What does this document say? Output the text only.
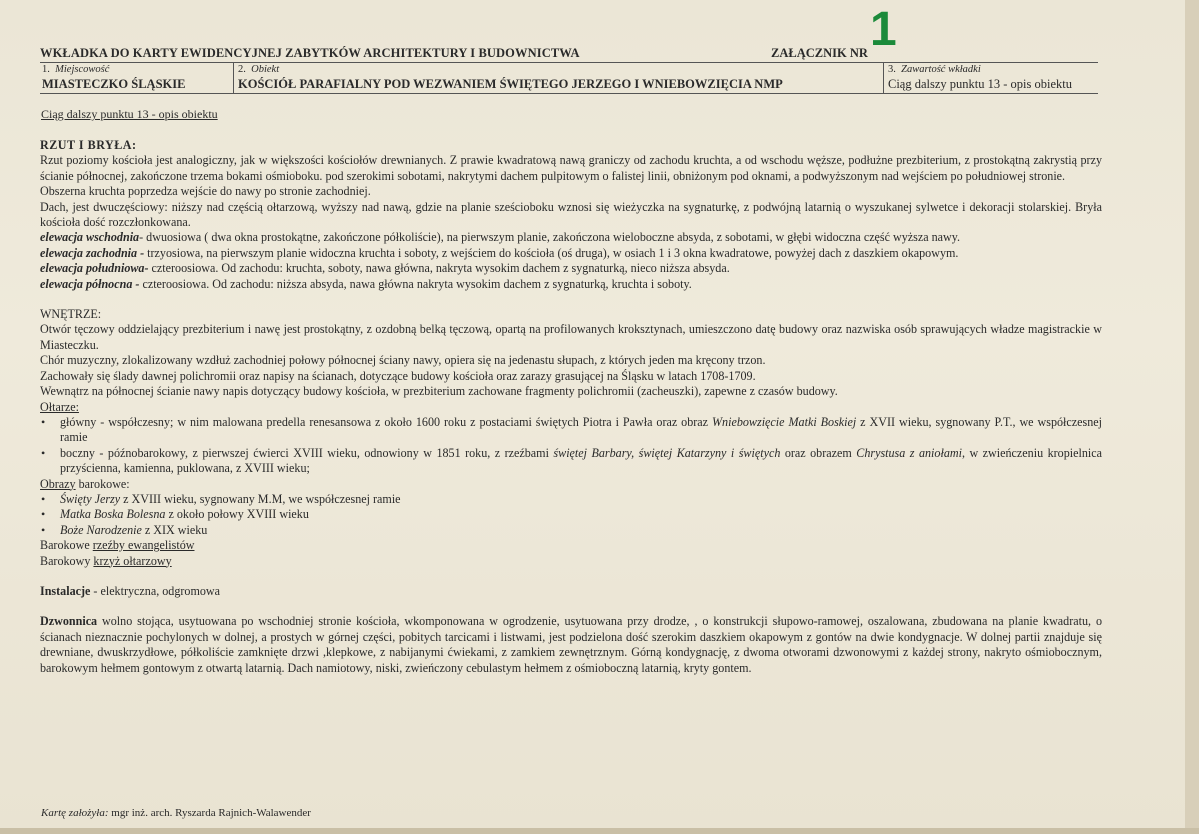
WKŁADKA DO KARTY EWIDENCYJNEJ ZABYTKÓW ARCHITEKTURY I BUDOWNICTWA	ZAŁĄCZNIK NR 1
1. Miejscowość
MIASTECZKO ŚLĄSKIE
2. Obiekt
KOŚCIÓŁ PARAFIALNY POD WEZWANIEM ŚWIĘTEGO JERZEGO I WNIEBOWZIĘCIA NMP
3. Zawartość wkładki
Ciąg dalszy punktu 13 - opis obiektu
Ciąg dalszy punktu 13 - opis obiektu

RZUT I BRYŁA:

Rzut poziomy kościoła jest analogiczny, jak w większości kościołów drewnianych. Z prawie kwadratową nawą graniczy od zachodu kruchta, a od wschodu węższe, podłużne prezbiterium, z prostokątną zakrystią przy ścianie północnej, zakończone trzema bokami ośmioboku. pod szerokimi sobotami, nakrytymi dachem pulpitowym o falistej linii, obniżonym pod oknami, a podwyższonym nad wejściem po południowej stronie.

Obszerna kruchta poprzedza wejście do nawy po stronie zachodniej.

Dach, jest dwuczęściowy: niższy nad częścią ołtarzową, wyższy nad nawą, gdzie na planie sześcioboku wznosi się wieżyczka na sygnaturkę, z podwójną latarnią o wyszukanej sylwetce i dekoracji stolarskiej. Bryła kościoła dość rozczłonkowana.

elewacja wschodnia- dwuosiowa ( dwa okna prostokątne, zakończone półkoliście), na pierwszym planie, zakończona wieloboczne absyda, z sobotami, w głębi widoczna część wyższa nawy.

elewacja zachodnia - trzyosiowa, na pierwszym planie widoczna kruchta i soboty, z wejściem do kościoła (oś druga), w osiach 1 i 3 okna kwadratowe, powyżej dach z daszkiem okapowym.

elewacja południowa- czteroosiowa. Od zachodu: kruchta, soboty, nawa główna, nakryta wysokim dachem z sygnaturką, nieco niższa absyda.

elewacja północna - czteroosiowa. Od zachodu: niższa absyda, nawa główna nakryta wysokim dachem z sygnaturką, kruchta i soboty.

WNĘTRZE:

Otwór tęczowy oddzielający prezbiterium i nawę jest prostokątny, z ozdobną belką tęczową, opartą na profilowanych kroksztynach, umieszczono datę budowy oraz nazwiska osób sprawujących władze magistrackie w Miasteczku.

Chór muzyczny, zlokalizowany wzdłuż zachodniej połowy północnej ściany nawy, opiera się na jedenastu słupach, z których jeden ma kręcony trzon.

Zachowały się ślady dawnej polichromii oraz napisy na ścianach, dotyczące budowy kościoła oraz zarazy grasującej na Śląsku w latach 1708-1709.

Wewnątrz na północnej ścianie nawy napis dotyczący budowy kościoła, w prezbiterium zachowane fragmenty polichromii (zacheuszki), zapewne z czasów budowy.

Ołtarze:

• główny - współczesny; w nim malowana predella renesansowa z około 1600 roku z postaciami świętych Piotra i Pawła oraz obraz Wniebowzięcie Matki Boskiej z XVII wieku, sygnowany P.T., we współczesnej ramie
• boczny - późnobarokowy, z pierwszej ćwierci XVIII wieku, odnowiony w 1851 roku, z rzeźbami świętej Barbary, świętej Katarzyny i świętych oraz obrazem Chrystusa z aniołami, w zwieńczeniu kropielnica przyścienna, kamienna, puklowana, z XVIII wieku;

Obrazy barokowe:

• Święty Jerzy z XVIII wieku, sygnowany M.M, we współczesnej ramie
• Matka Boska Bolesna z około połowy XVIII wieku
• Boże Narodzenie z XIX wieku

Barokowe rzeźby ewangelistów

Barokowy krzyż ołtarzowy

Instalacje - elektryczna, odgromowa

Dzwonnica wolno stojąca, usytuowana po wschodniej stronie kościoła, wkomponowana w ogrodzenie, usytuowana przy drodze, , o konstrukcji słupowo-ramowej, oszalowana, zbudowana na planie kwadratu, o ścianach nieznacznie pochylonych w dolnej, a prostych w górnej części, pobitych tarcicami i listwami, jest podzielona dość szerokim daszkiem okapowym z gontów na dwie kondygnacje. W dolnej partii znajduje się drewniane, dwuskrzydłowe, półkoliście zamknięte drzwi ,klepkowe, z nabijanymi ćwiekami, z zamkiem zewnętrznym. Górną kondygnację, z dwoma otworami dzwonowymi z każdej strony, nakryto ośmiobocznym, barokowym hełmem gontowym z otwartą latarnią. Dach namiotowy, niski, zwieńczony cebulastym hełmem z ośmioboczną latarnią, kryty gontem.

Kartę założyła: mgr inż. arch. Ryszarda Rajnich-Walawender
